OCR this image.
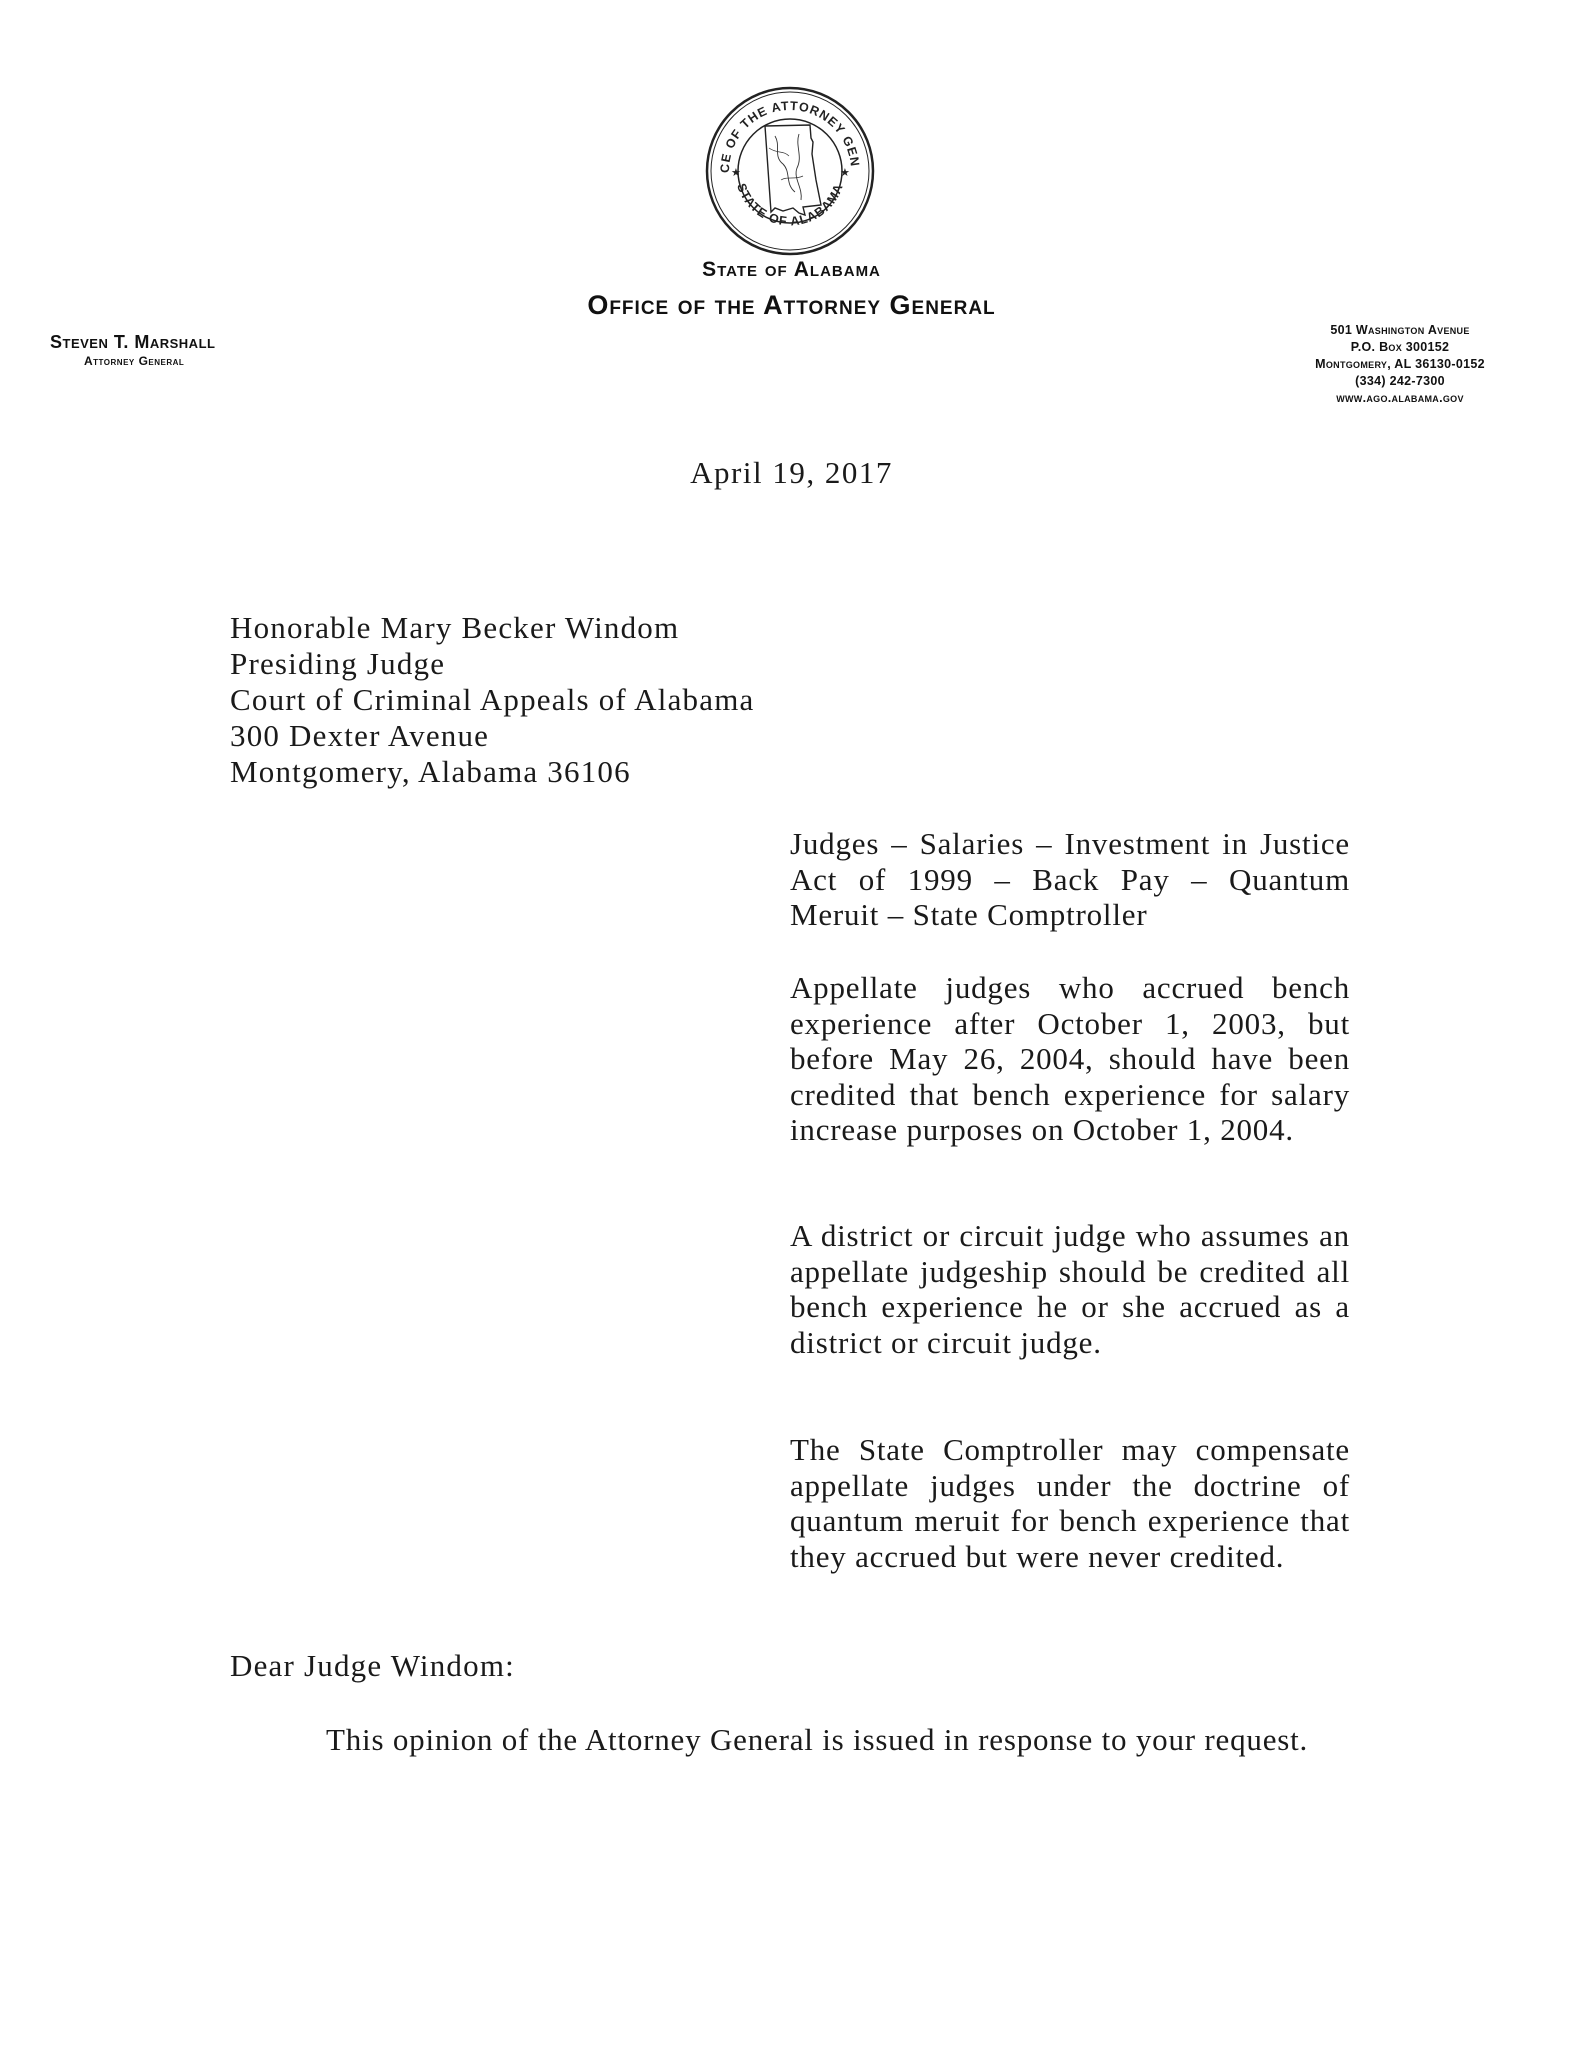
CE OF THE ATTORNEY GEN
STATE OF ALABAMA
★	★
State of Alabama
Office of the Attorney General
Steven T. Marshall
Attorney General
501 Washington Avenue
P.O. Box 300152
Montgomery, AL 36130-0152
(334) 242-7300
www.ago.alabama.gov
April 19, 2017
Honorable Mary Becker Windom
Presiding Judge
Court of Criminal Appeals of Alabama
300 Dexter Avenue
Montgomery, Alabama 36106
Judges – Salaries – Investment in Justice Act of 1999 – Back Pay – Quantum Meruit – State Comptroller
Appellate judges who accrued bench experience after October 1, 2003, but before May 26, 2004, should have been credited that bench experience for salary increase purposes on October 1, 2004.
A district or circuit judge who assumes an appellate judgeship should be credited all bench experience he or she accrued as a district or circuit judge.
The State Comptroller may compensate appellate judges under the doctrine of quantum meruit for bench experience that they accrued but were never credited.
Dear Judge Windom:
This opinion of the Attorney General is issued in response to your request.
